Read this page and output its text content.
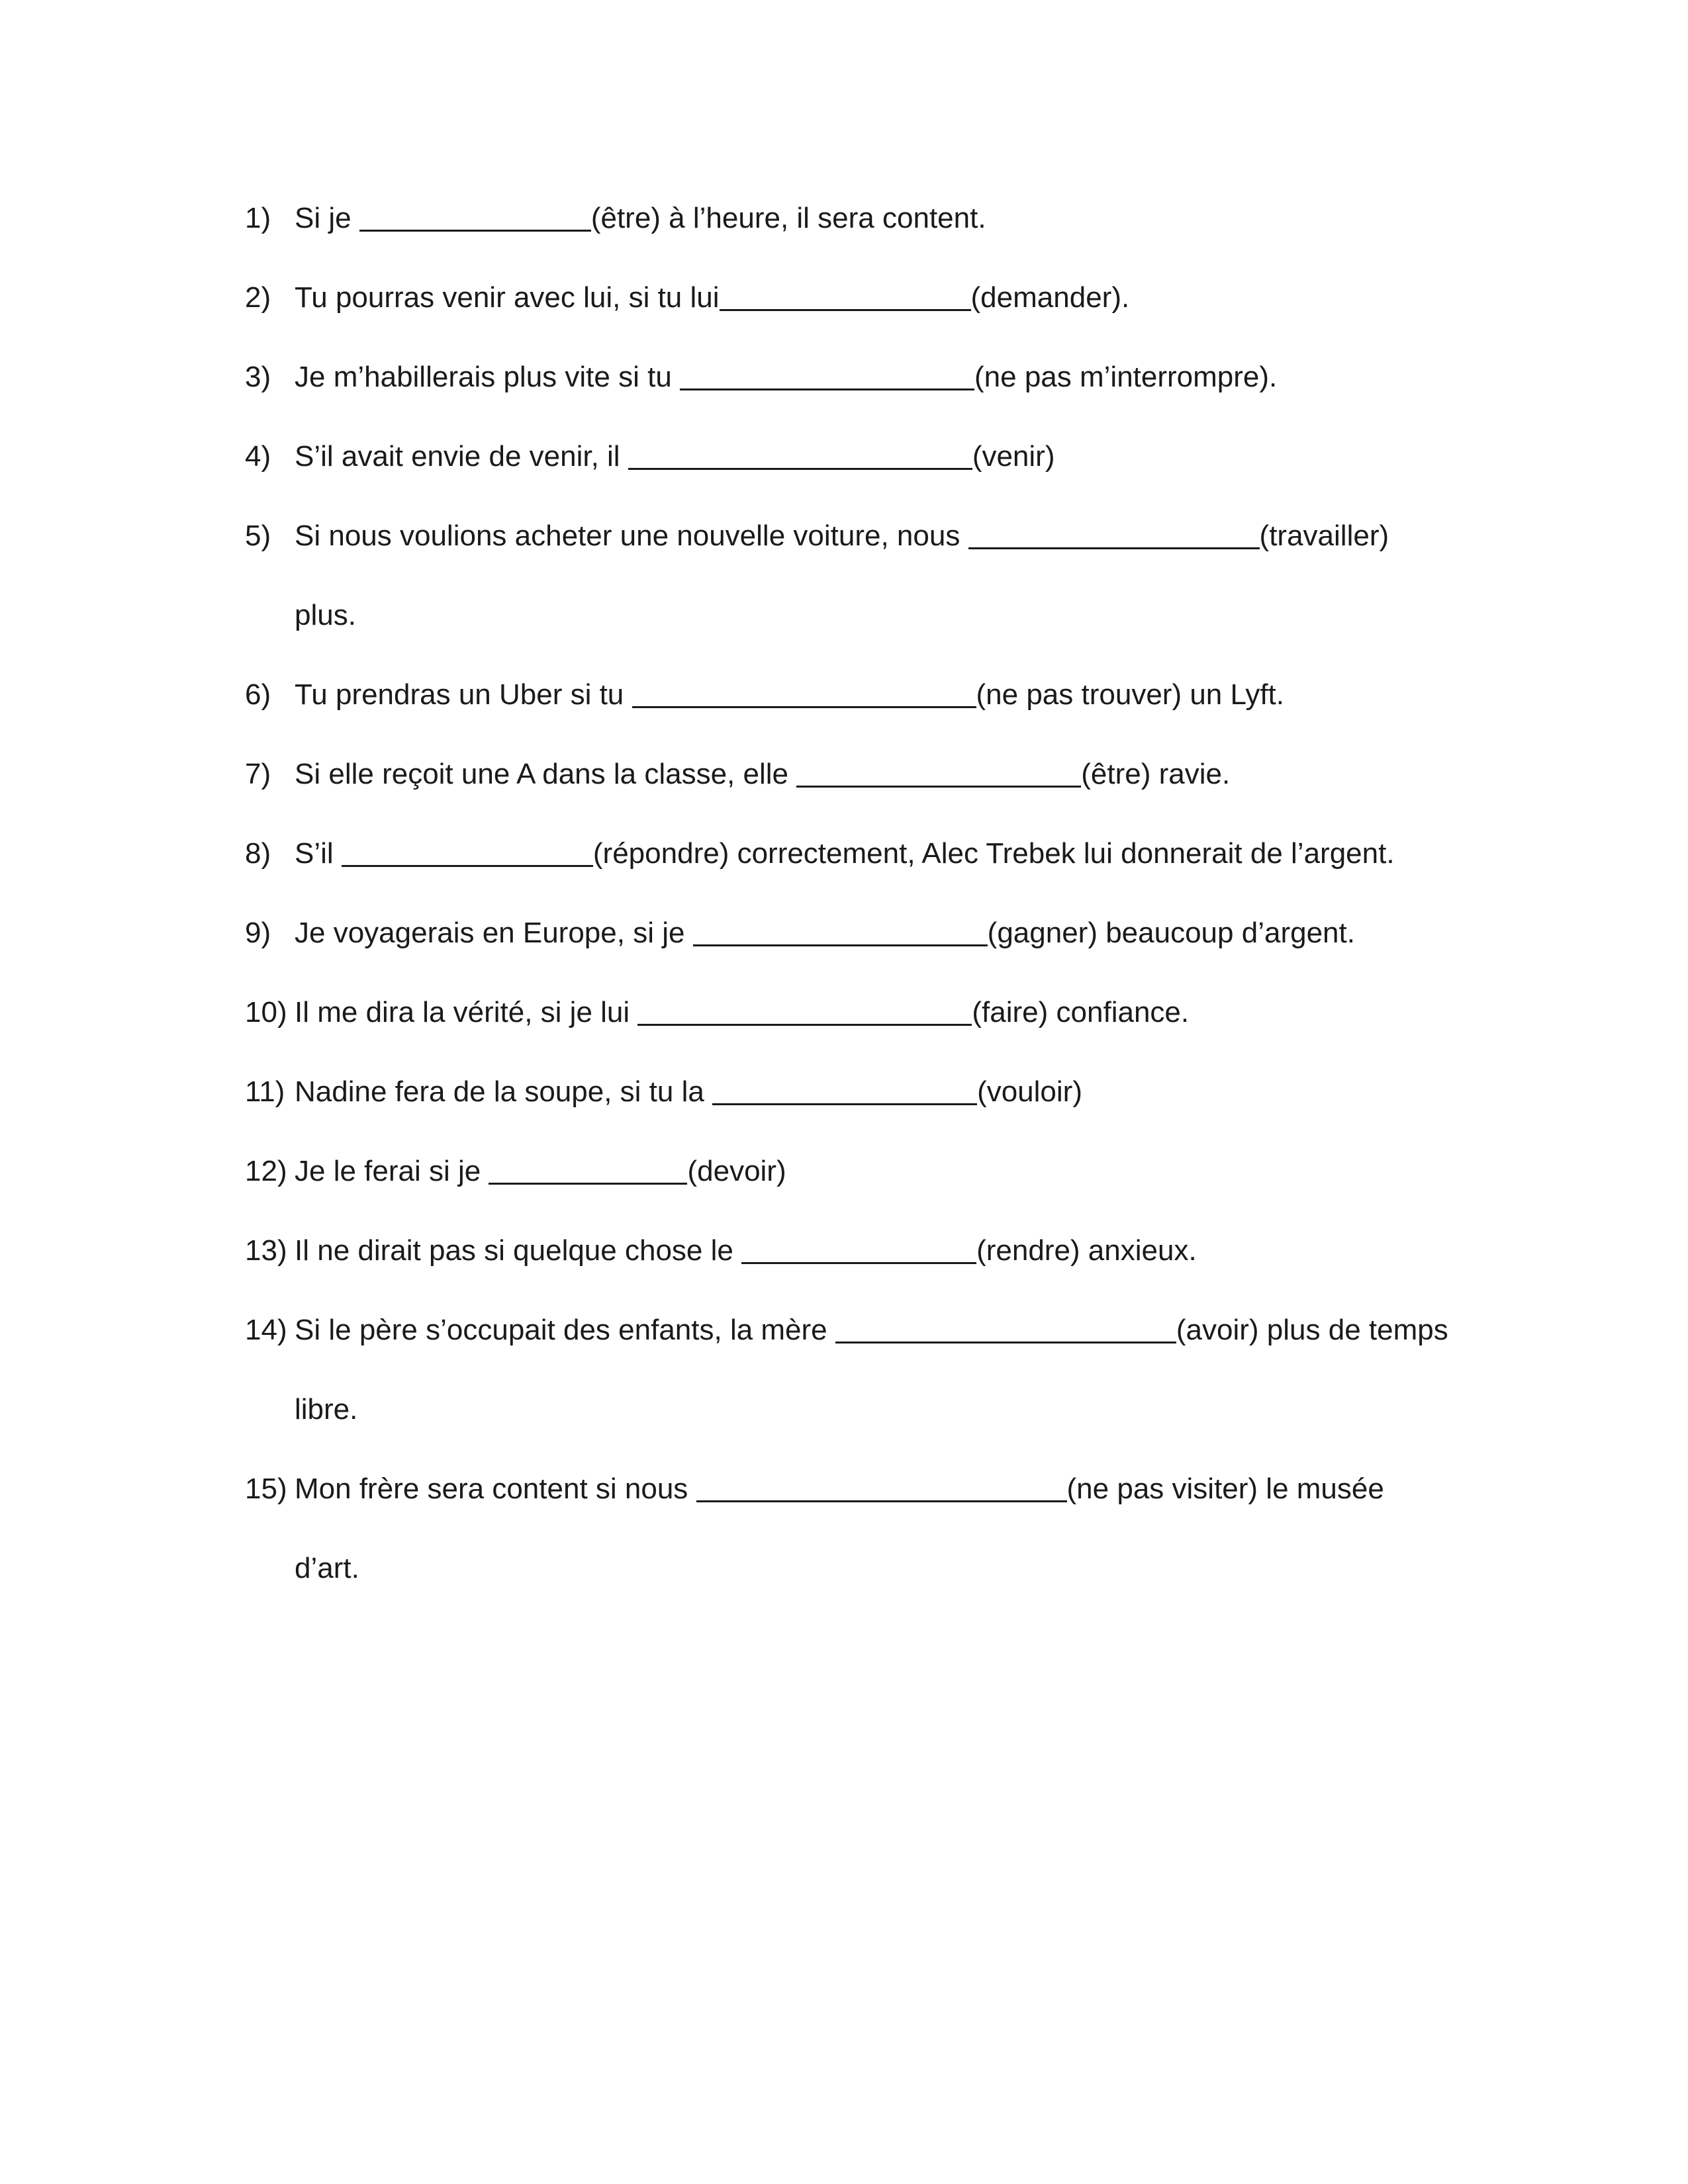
1) Si je	(être) à l’heure, il sera content.
2) Tu pourras venir avec lui, si tu lui	(demander).
3) Je m’habillerais plus vite si tu	(ne pas m’interrompre).
4) S’il avait envie de venir, il	(venir)
5) Si nous voulions acheter une nouvelle voiture, nous	(travailler)
plus.
6) Tu prendras un Uber si tu	(ne pas trouver) un Lyft.
7) Si elle reçoit une A dans la classe, elle	(être) ravie.
8) S’il	(répondre) correctement, Alec Trebek lui donnerait de l’argent.
9) Je voyagerais en Europe, si je	(gagner) beaucoup d’argent.
10) Il me dira la vérité, si je lui	(faire) confiance.
11) Nadine fera de la soupe, si tu la	(vouloir)
12) Je le ferai si je	(devoir)
13) Il ne dirait pas si quelque chose le	(rendre) anxieux.
14) Si le père s’occupait des enfants, la mère	(avoir) plus de temps
libre.
15) Mon frère sera content si nous	(ne pas visiter) le musée
d’art.
